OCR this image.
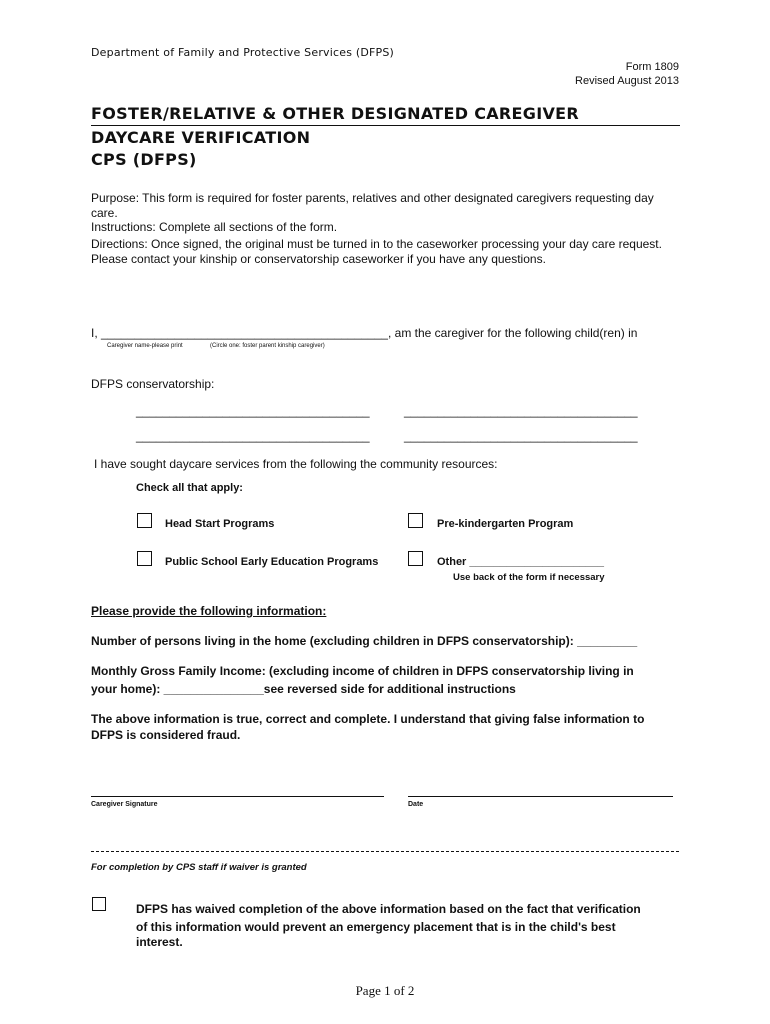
Department of Family and Protective Services (DFPS)
Form 1809
Revised August 2013
FOSTER/RELATIVE & OTHER DESIGNATED CAREGIVER
DAYCARE VERIFICATION
CPS (DFPS)
Purpose: This form is required for foster parents, relatives and other designated caregivers requesting day care.
Instructions: Complete all sections of the form.
Directions: Once signed, the original must be turned in to the caseworker processing your day care request. Please contact your kinship or conservatorship caseworker if you have any questions.
I, ___________________________________________, am the caregiver for the following child(ren) in
Caregiver name-please print	(Circle one: foster parent kinship caregiver)
DFPS conservatorship:
___________________________________	___________________________________
___________________________________	___________________________________
I have sought daycare services from the following the community resources:
Check all that apply:
Head Start Programs	Pre-kindergarten Program
Public School Early Education Programs	Other ______________________
Use back of the form if necessary
Please provide the following information:
Number of persons living in the home (excluding children in DFPS conservatorship): _________
Monthly Gross Family Income: (excluding income of children in DFPS conservatorship living in
your home): _______________see reversed side for additional instructions
The above information is true, correct and complete. I understand that giving false information to
DFPS is considered fraud.
Caregiver Signature	Date
For completion by CPS staff if waiver is granted
DFPS has waived completion of the above information based on the fact that verification
of this information would prevent an emergency placement that is in the child's best
interest.
Page 1 of 2
